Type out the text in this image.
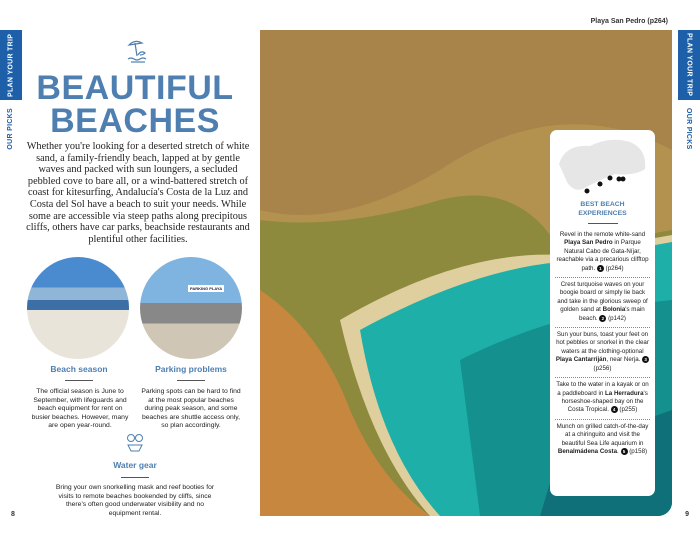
PLAN YOUR TRIP
OUR PICKS
BEAUTIFUL
BEACHES

Whether you're looking for a deserted stretch of white sand, a family-friendly beach, lapped at by gentle waves and packed with sun loungers, a secluded pebbled cove to bare all, or a wind-battered stretch of coast for kitesurfing, Andalucía's Costa de la Luz and Costa del Sol have a beach to suit your needs. While some are accessible via steep paths along precipitous cliffs, others have car parks, beachside restaurants and plentiful other facilities.

PARKING PLAYA
Beach season
The official season is June to September, with lifeguards and beach equipment for rent on busier beaches. However, many are open year-round.
Parking problems
Parking spots can be hard to find at the most popular beaches during peak season, and some beaches are shuttle access only, so plan accordingly.
Water gear
Bring your own snorkelling mask and reef booties for visits to remote beaches bookended by cliffs, since there's often good underwater visibility and no equipment rental.
8
Playa San Pedro (p264)
BEST BEACH
EXPERIENCES
Revel in the remote white-sand Playa San Pedro in Parque Natural Cabo de Gata-Níjar, reachable via a precarious clifftop path. 1 (p264)
Crest turquoise waves on your boogie board or simply lie back and take in the glorious sweep of golden sand at Bolonia's main beach. 2 (p142)
Sun your buns, toast your feet on hot pebbles or snorkel in the clear waters at the clothing-optional Playa Cantarriján, near Nerja. 3 (p256)
Take to the water in a kayak or on a paddleboard in La Herradura's horseshoe-shaped bay on the Costa Tropical. 4 (p255)
Munch on grilled catch-of-the-day at a chiringuito and visit the beautiful Sea Life aquarium in Benalmádena Costa. 5 (p158)
PLAN YOUR TRIP
OUR PICKS
9
